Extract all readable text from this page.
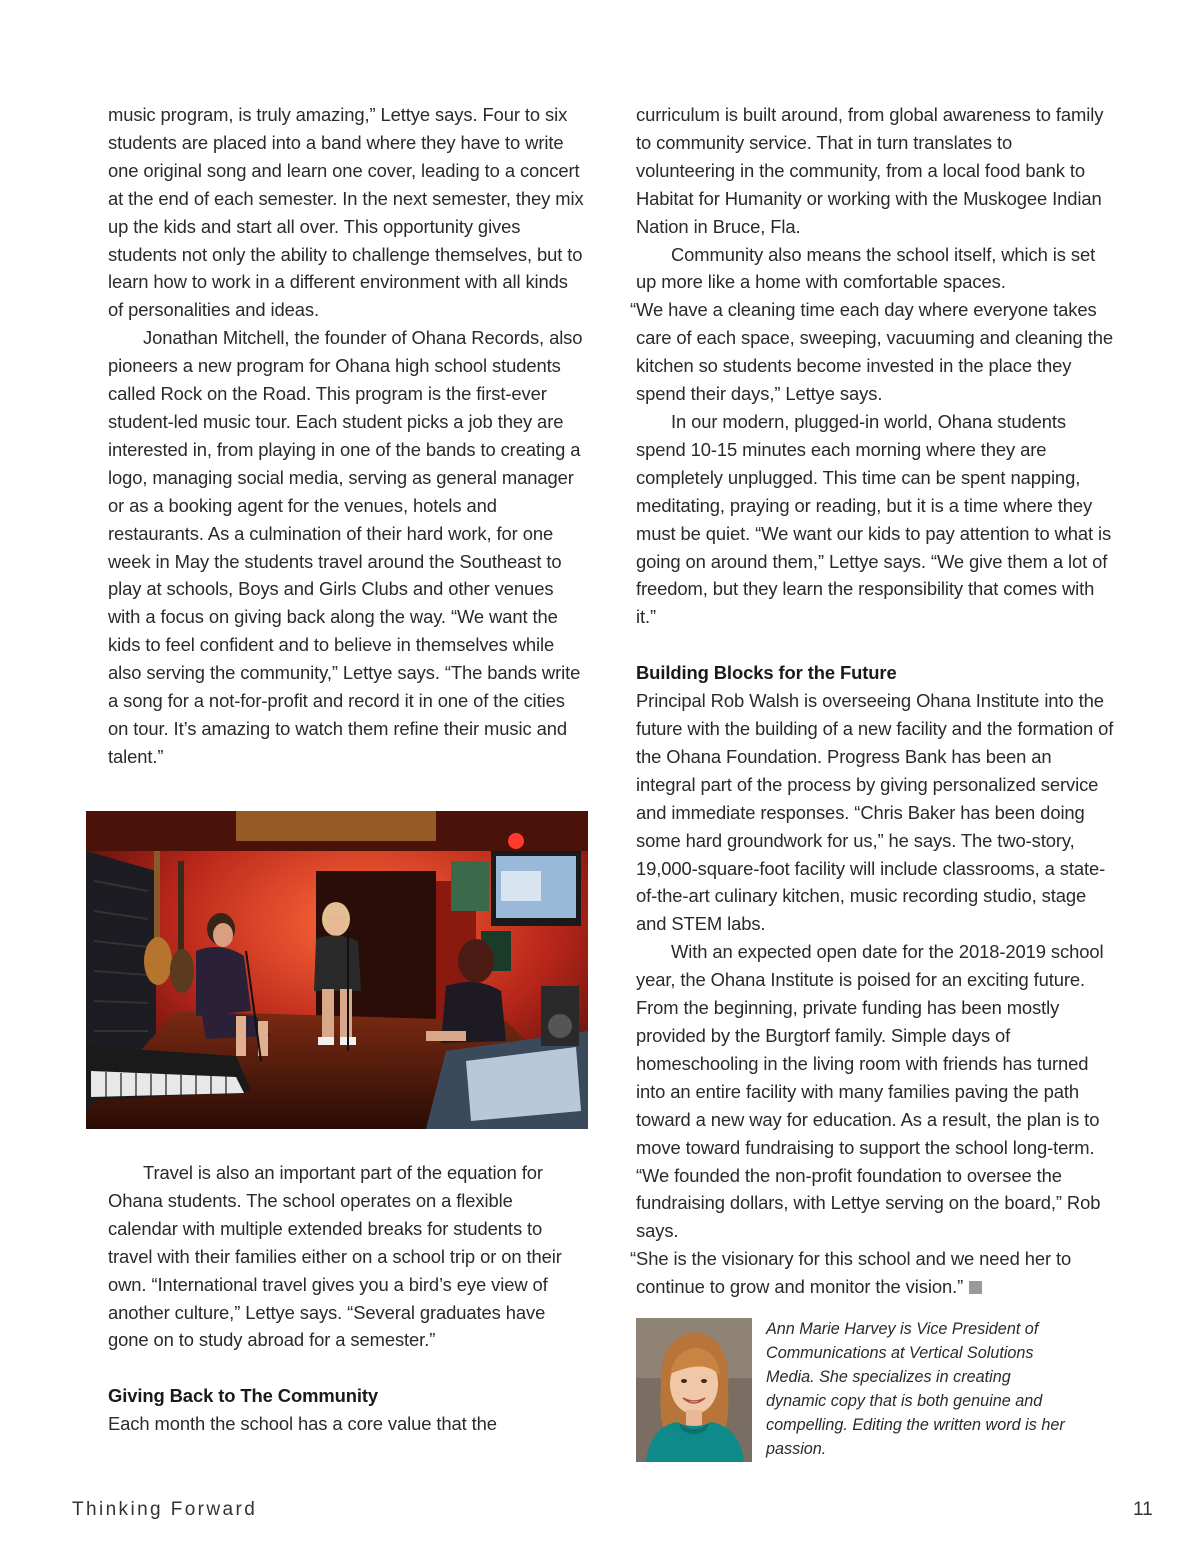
music program, is truly amazing,” Lettye says. Four to six students are placed into a band where they have to write one original song and learn one cover, leading to a concert at the end of each semester. In the next semester, they mix up the kids and start all over. This opportunity gives students not only the ability to challenge themselves, but to learn how to work in a different environment with all kinds of personalities and ideas.

Jonathan Mitchell, the founder of Ohana Records, also pioneers a new program for Ohana high school students called Rock on the Road. This program is the first-ever student-led music tour. Each student picks a job they are interested in, from playing in one of the bands to creating a logo, managing social media, serving as general manager or as a booking agent for the venues, hotels and restaurants. As a culmination of their hard work, for one week in May the students travel around the Southeast to play at schools, Boys and Girls Clubs and other venues with a focus on giving back along the way. “We want the kids to feel confident and to believe in themselves while also serving the community,” Lettye says. “The bands write a song for a not-for-profit and record it in one of the cities on tour. It’s amazing to watch them refine their music and talent.”

Travel is also an important part of the equation for Ohana students. The school operates on a flexible calendar with multiple extended breaks for students to travel with their families either on a school trip or on their own. “International travel gives you a bird’s eye view of another culture,” Lettye says. “Several graduates have gone on to study abroad for a semester.”

Giving Back to The Community

Each month the school has a core value that the

curriculum is built around, from global awareness to family to community service. That in turn translates to volunteering in the community, from a local food bank to Habitat for Humanity or working with the Muskogee Indian Nation in Bruce, Fla.

Community also means the school itself, which is set up more like a home with comfortable spaces.

“We have a cleaning time each day where everyone takes care of each space, sweeping, vacuuming and cleaning the kitchen so students become invested in the place they spend their days,” Lettye says.

In our modern, plugged-in world, Ohana students spend 10-15 minutes each morning where they are completely unplugged. This time can be spent napping, meditating, praying or reading, but it is a time where they must be quiet. “We want our kids to pay attention to what is going on around them,” Lettye says. “We give them a lot of freedom, but they learn the responsibility that comes with it.”

Building Blocks for the Future

Principal Rob Walsh is overseeing Ohana Institute into the future with the building of a new facility and the formation of the Ohana Foundation. Progress Bank has been an integral part of the process by giving personalized service and immediate responses. “Chris Baker has been doing some hard groundwork for us,” he says. The two-story, 19,000-square-foot facility will include classrooms, a state-of-the-art culinary kitchen, music recording studio, stage and STEM labs.

With an expected open date for the 2018-2019 school year, the Ohana Institute is poised for an exciting future. From the beginning, private funding has been mostly provided by the Burgtorf family. Simple days of homeschooling in the living room with friends has turned into an entire facility with many families paving the path toward a new way for education. As a result, the plan is to move toward fundraising to support the school long-term. “We founded the non-profit foundation to oversee the fundraising dollars, with Lettye serving on the board,” Rob says.

“She is the visionary for this school and we need her to continue to grow and monitor the vision.”

Ann Marie Harvey is Vice President of Communications at Vertical Solutions Media. She specializes in creating dynamic copy that is both genuine and compelling. Editing the written word is her passion.

Thinking Forward	11
